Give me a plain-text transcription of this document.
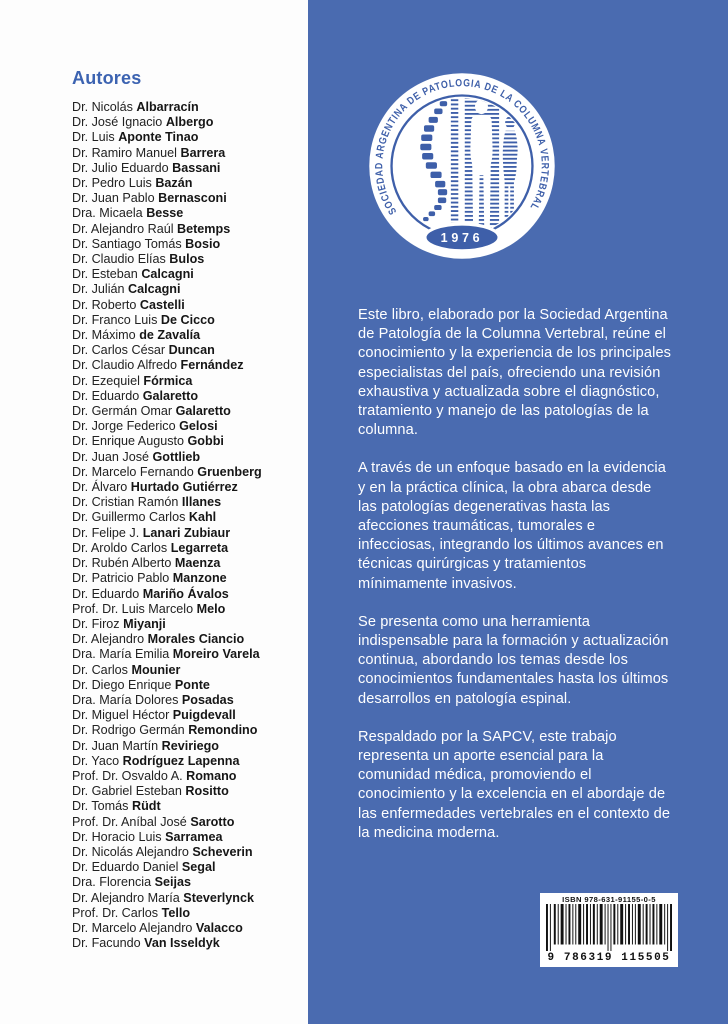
Autores
Dr. Nicolás Albarracín
Dr. José Ignacio Albergo
Dr. Luis Aponte Tinao
Dr. Ramiro Manuel Barrera
Dr. Julio Eduardo Bassani
Dr. Pedro Luis Bazán
Dr. Juan Pablo Bernasconi
Dra. Micaela Besse
Dr. Alejandro Raúl Betemps
Dr. Santiago Tomás Bosio
Dr. Claudio Elías Bulos
Dr. Esteban Calcagni
Dr. Julián Calcagni
Dr. Roberto Castelli
Dr. Franco Luis De Cicco
Dr. Máximo de Zavalía
Dr. Carlos César Duncan
Dr. Claudio Alfredo Fernández
Dr. Ezequiel Fórmica
Dr. Eduardo Galaretto
Dr. Germán Omar Galaretto
Dr. Jorge Federico Gelosi
Dr. Enrique Augusto Gobbi
Dr. Juan José Gottlieb
Dr. Marcelo Fernando Gruenberg
Dr. Álvaro Hurtado Gutiérrez
Dr. Cristian Ramón Illanes
Dr. Guillermo Carlos Kahl
Dr. Felipe J. Lanari Zubiaur
Dr. Aroldo Carlos Legarreta
Dr. Rubén Alberto Maenza
Dr. Patricio Pablo Manzone
Dr. Eduardo Mariño Ávalos
Prof. Dr. Luis Marcelo Melo
Dr. Firoz Miyanji
Dr. Alejandro Morales Ciancio
Dra. María Emilia Moreiro Varela
Dr. Carlos Mounier
Dr. Diego Enrique Ponte
Dra. María Dolores Posadas
Dr. Miguel Héctor Puigdevall
Dr. Rodrigo Germán Remondino
Dr. Juan Martín Reviriego
Dr. Yaco Rodríguez Lapenna
Prof. Dr. Osvaldo A. Romano
Dr. Gabriel Esteban Rositto
Dr. Tomás Rüdt
Prof. Dr. Aníbal José Sarotto
Dr. Horacio Luis Sarramea
Dr. Nicolás Alejandro Scheverin
Dr. Eduardo Daniel Segal
Dra. Florencia Seijas
Dr. Alejandro María Steverlynck
Prof. Dr. Carlos Tello
Dr. Marcelo Alejandro Valacco
Dr. Facundo Van Isseldyk
SOCIEDAD ARGENTINA DE PATOLOGIA DE LA COLUMNA VERTEBRAL
1976

Este libro, elaborado por la Sociedad Argentina de Patología de la Columna Vertebral, reúne el conocimiento y la experiencia de los principales especialistas del país, ofreciendo una revisión exhaustiva y actualizada sobre el diagnóstico, tratamiento y manejo de las patologías de la columna.

A través de un enfoque basado en la evidencia y en la práctica clínica, la obra abarca desde las patologías degenerativas hasta las afecciones traumáticas, tumorales e infecciosas, integrando los últimos avances en técnicas quirúrgicas y tratamientos mínimamente invasivos.

Se presenta como una herramienta indispensable para la formación y actualización continua, abordando los temas desde los conocimientos fundamentales hasta los últimos desarrollos en patología espinal.

Respaldado por la SAPCV, este trabajo representa un aporte esencial para la comunidad médica, promoviendo el conocimiento y la excelencia en el abordaje de las enfermedades vertebrales en el contexto de la medicina moderna.

ISBN 978-631-91155-0-5
9 786319 115505
